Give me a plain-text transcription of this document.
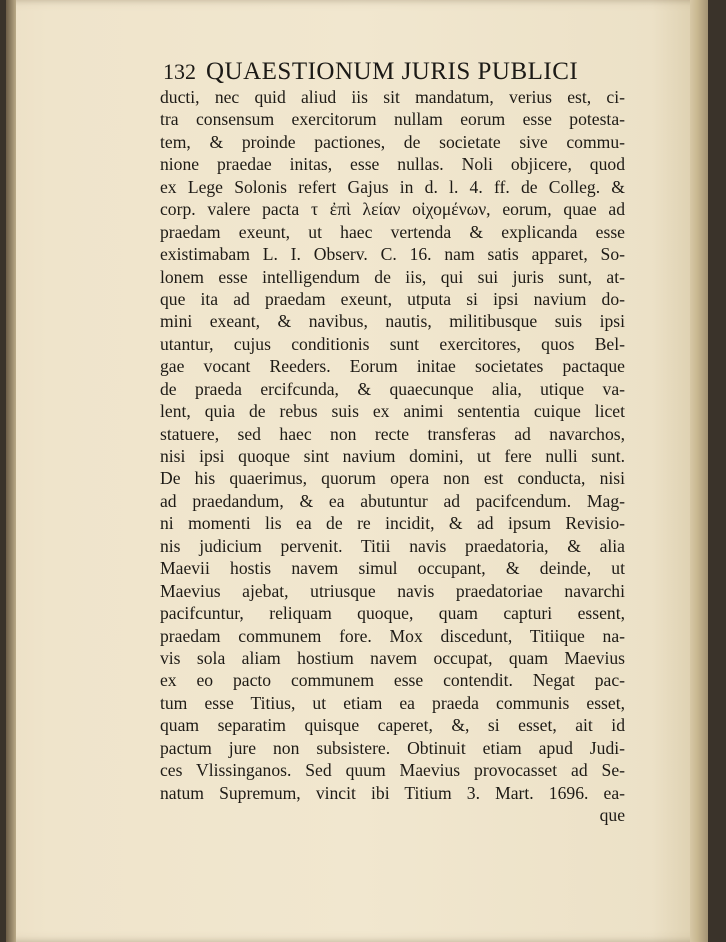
132 QUAESTIONUM JURIS PUBLICI
ducti, nec quid aliud iis sit mandatum, verius est, ci-
tra consensum exercitorum nullam eorum esse potesta-
tem, & proinde pactiones, de societate sive commu-
nione praedae initas, esse nullas. Noli objicere, quod
ex Lege Solonis refert Gajus in d. l. 4. ff. de Colleg. &
corp. valere pacta τ ἐπὶ λείαν οἰχομένων, eorum, quae ad
praedam exeunt, ut haec vertenda & explicanda esse
existimabam L. I. Observ. C. 16. nam satis apparet, So-
lonem esse intelligendum de iis, qui sui juris sunt, at-
que ita ad praedam exeunt, utputa si ipsi navium do-
mini exeant, & navibus, nautis, militibusque suis ipsi
utantur, cujus conditionis sunt exercitores, quos Bel-
gae vocant Reeders. Eorum initae societates pactaque
de praeda ercifcunda, & quaecunque alia, utique va-
lent, quia de rebus suis ex animi sententia cuique licet
statuere, sed haec non recte transferas ad navarchos,
nisi ipsi quoque sint navium domini, ut fere nulli sunt.
De his quaerimus, quorum opera non est conducta, nisi
ad praedandum, & ea abutuntur ad pacifcendum. Mag-
ni momenti lis ea de re incidit, & ad ipsum Revisio-
nis judicium pervenit. Titii navis praedatoria, & alia
Maevii hostis navem simul occupant, & deinde, ut
Maevius ajebat, utriusque navis praedatoriae navarchi
pacifcuntur, reliquam quoque, quam capturi essent,
praedam communem fore. Mox discedunt, Titiique na-
vis sola aliam hostium navem occupat, quam Maevius
ex eo pacto communem esse contendit. Negat pac-
tum esse Titius, ut etiam ea praeda communis esset,
quam separatim quisque caperet, &, si esset, ait id
pactum jure non subsistere. Obtinuit etiam apud Judi-
ces Vlissinganos. Sed quum Maevius provocasset ad Se-
natum Supremum, vincit ibi Titium 3. Mart. 1696. ea-
que
